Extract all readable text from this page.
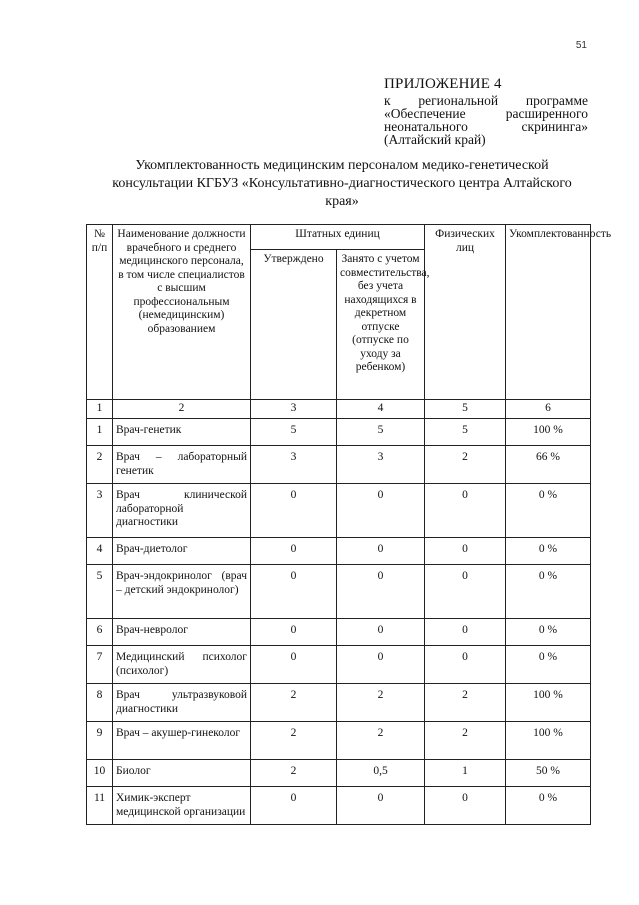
51
ПРИЛОЖЕНИЕ 4
к региональной программе
«Обеспечение расширенного
неонатального скрининга»
(Алтайский край)
Укомплектованность медицинским персоналом медико-генетической
консультации КГБУЗ «Консультативно-диагностического центра Алтайского
края»
№ п/п	Наименование должности врачебного и среднего медицинского персонала, в том числе специалистов с высшим профессиональным (немедицинским) образованием	Штатных единиц		Физических лиц	Укомплектованность
		Утверждено	Занято с учетом совместительства, без учета находящихся в декретном отпуске (отпуске по уходу за ребенком)		
1	2	3	4	5	6
1	Врач-генетик	5	5	5	100 %
2	Врач – лабораторный генетик	3	3	2	66 %
3	Врач клинической лабораторной диагностики	0	0	0	0 %
4	Врач-диетолог	0	0	0	0 %
5	Врач-эндокринолог (врач – детский эндокринолог)	0	0	0	0 %
6	Врач-невролог	0	0	0	0 %
7	Медицинский психолог (психолог)	0	0	0	0 %
8	Врач ультразвуковой диагностики	2	2	2	100 %
9	Врач – акушер-гинеколог	2	2	2	100 %
10	Биолог	2	0,5	1	50 %
11	Химик-эксперт медицинской организации	0	0	0	0 %
